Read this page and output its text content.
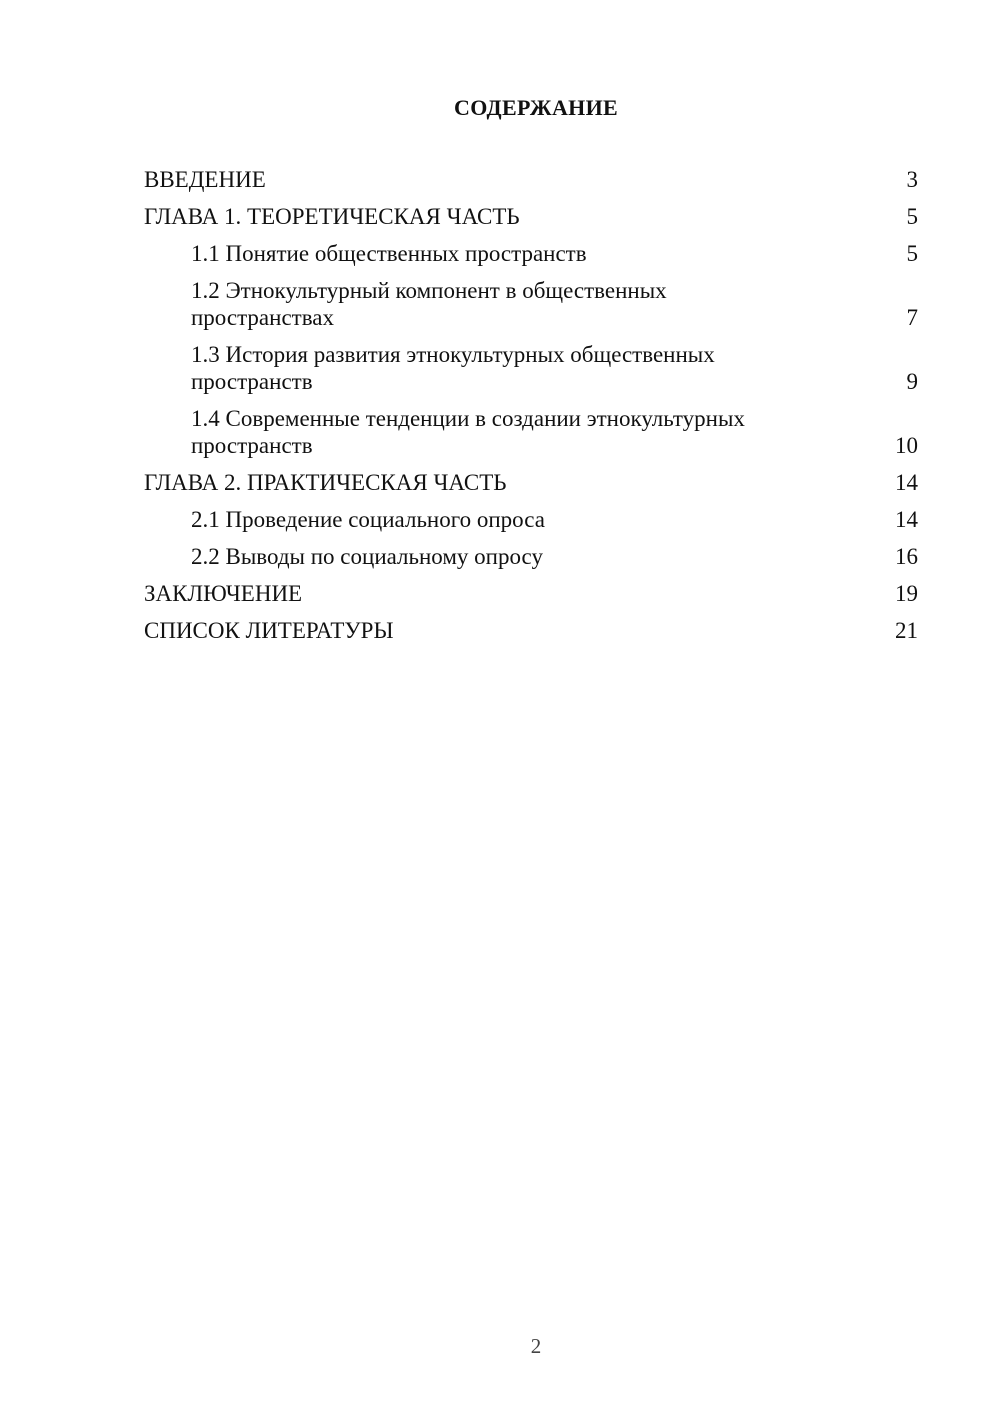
СОДЕРЖАНИЕ
ВВЕДЕНИЕ	3
ГЛАВА 1. ТЕОРЕТИЧЕСКАЯ ЧАСТЬ	5
1.1 Понятие общественных пространств	5
1.2 Этнокультурный компонент в общественных пространствах	7
1.3 История развития этнокультурных общественных пространств	9
1.4 Современные тенденции в создании этнокультурных пространств	10
ГЛАВА 2. ПРАКТИЧЕСКАЯ ЧАСТЬ	14
2.1 Проведение социального опроса	14
2.2 Выводы по социальному опросу	16
ЗАКЛЮЧЕНИЕ	19
СПИСОК ЛИТЕРАТУРЫ	21
2
